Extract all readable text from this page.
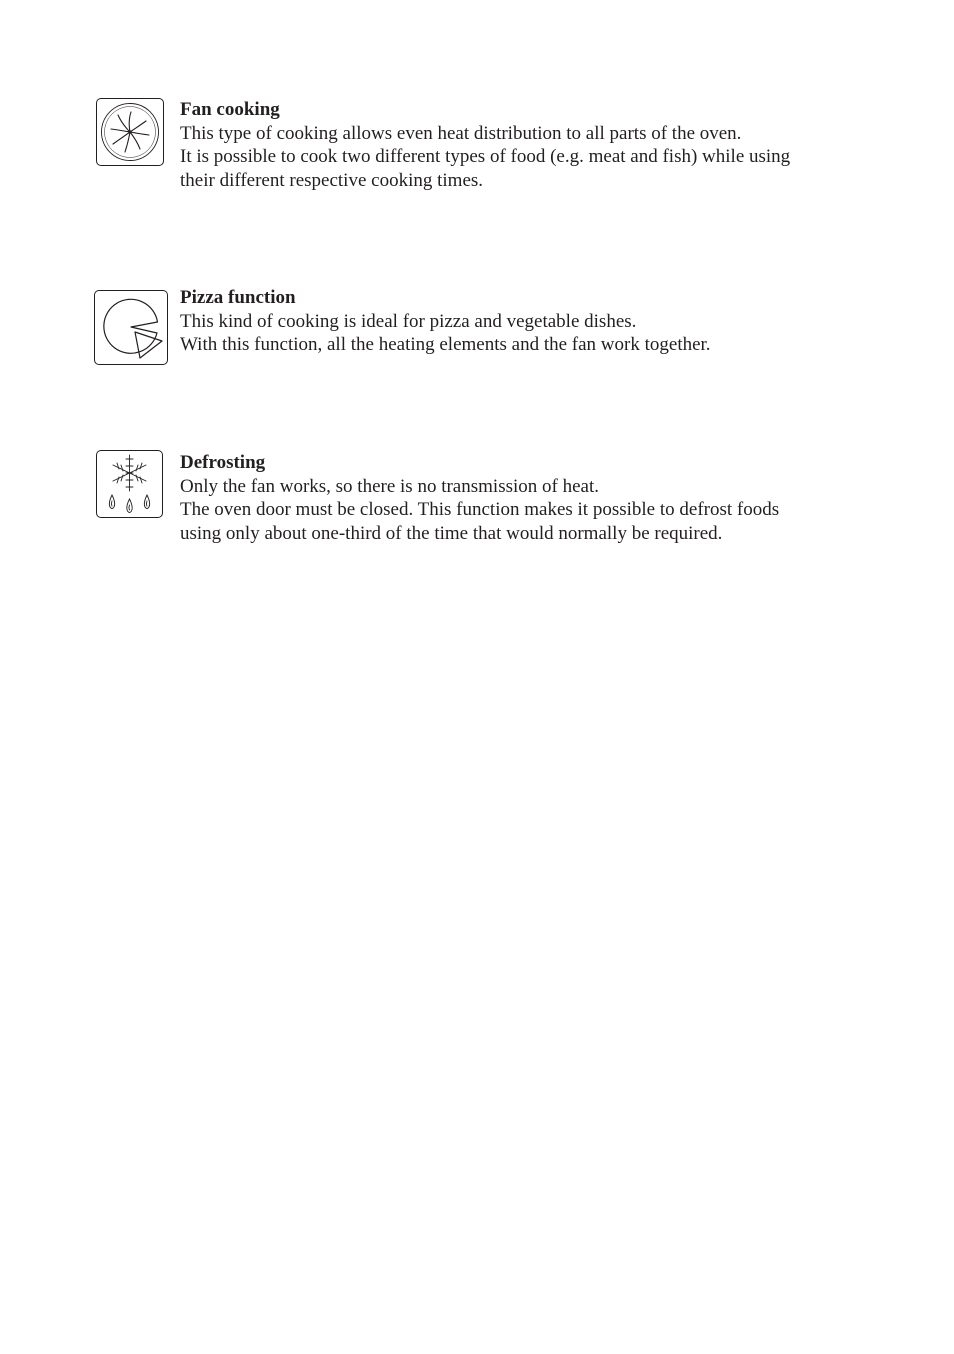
Fan cooking
This type of cooking allows even heat distribution to all parts of the oven.
It is possible to cook two different types of food (e.g. meat and fish) while using
their different respective cooking times.
Pizza function
This kind of cooking is ideal for pizza and vegetable dishes.
With this function, all the heating elements and the fan work together.
Defrosting
Only the fan works, so there is no transmission of heat.
The oven door must be closed. This function makes it possible to defrost foods
using only about one-third of the time that would normally be required.
